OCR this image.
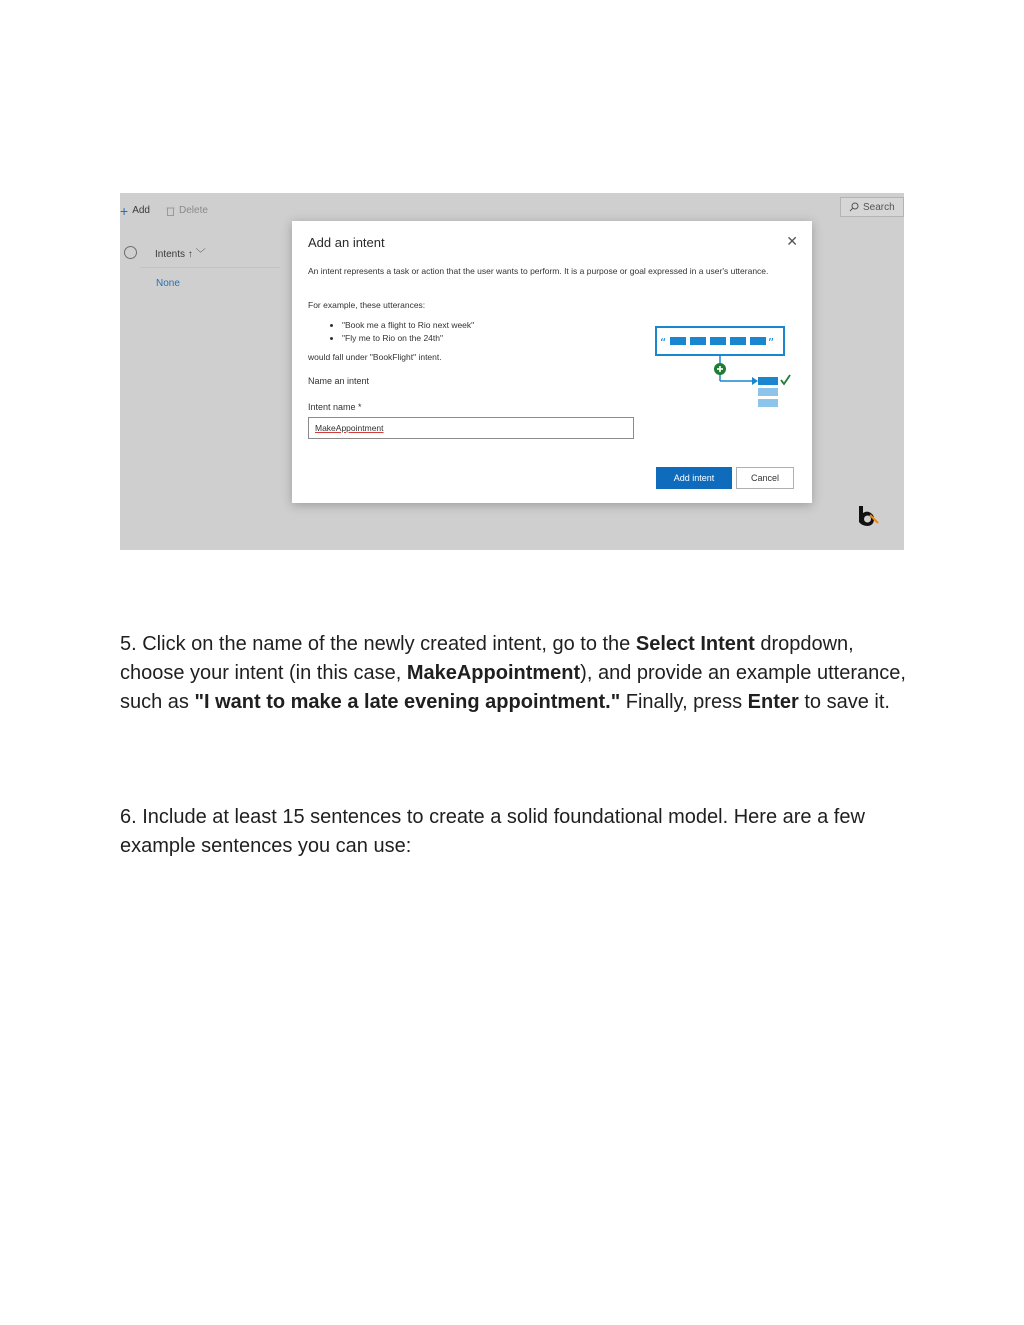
+ Add	Delete	Search
Intents ↑ ﹀
None
Add an intent	✕
An intent represents a task or action that the user wants to perform. It is a purpose or goal expressed in a user's utterance.
For example, these utterances:
• "Book me a flight to Rio next week"
• "Fly me to Rio on the 24th"
would fall under "BookFlight" intent.
Name an intent
Intent name *
MakeAppointment
“	”
Add intent	Cancel
5. Click on the name of the newly created intent, go to the Select Intent dropdown, choose your intent (in this case, MakeAppointment), and provide an example utterance, such as "I want to make a late evening appointment." Finally, press Enter to save it.
6. Include at least 15 sentences to create a solid foundational model. Here are a few example sentences you can use:
